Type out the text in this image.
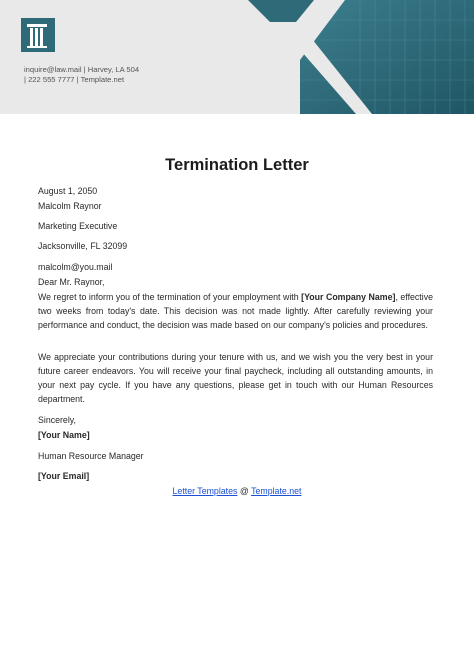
inquire@law.mail | Harvey, LA 504
| 222 555 7777 | Template.net
Termination Letter
August 1, 2050
Malcolm Raynor
Marketing Executive
Jacksonville, FL 32099
malcolm@you.mail
Dear Mr. Raynor,
We regret to inform you of the termination of your employment with [Your Company Name], effective two weeks from today's date. This decision was not made lightly. After carefully reviewing your performance and conduct, the decision was made based on our company's policies and procedures.
We appreciate your contributions during your tenure with us, and we wish you the very best in your future career endeavors. You will receive your final paycheck, including all outstanding amounts, in your next pay cycle. If you have any questions, please get in touch with our Human Resources department.
Sincerely,
[Your Name]
Human Resource Manager
[Your Email]
Letter Templates @ Template.net
